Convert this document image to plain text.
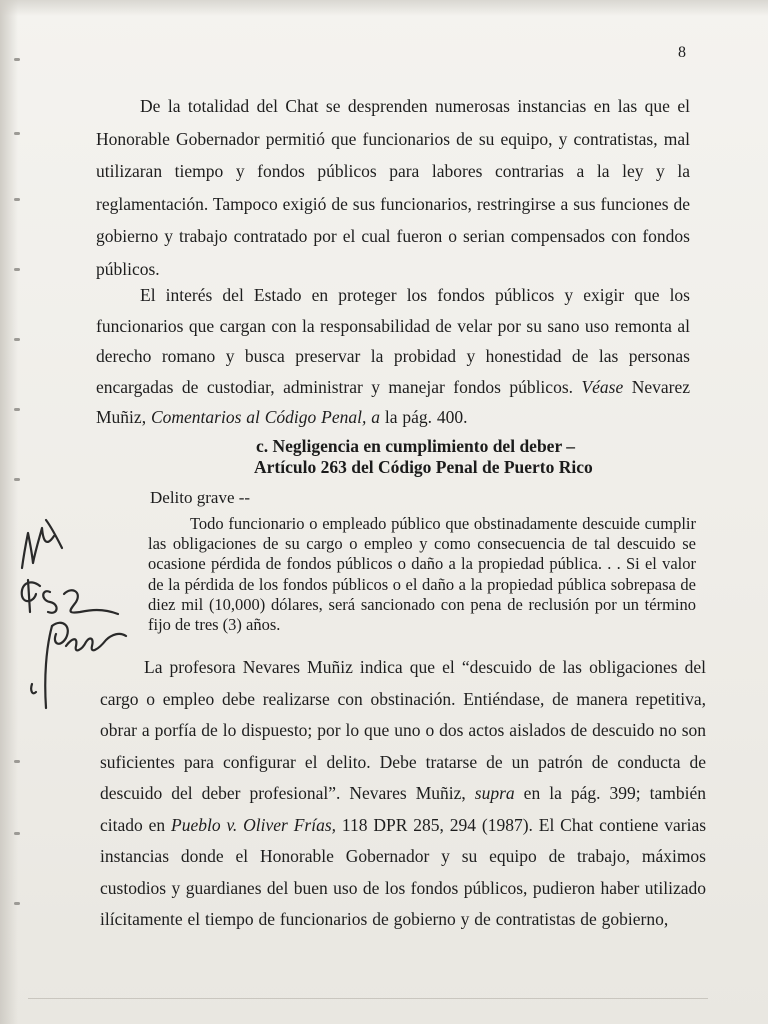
8

De la totalidad del Chat se desprenden numerosas instancias en las que el Honorable Gobernador permitió que funcionarios de su equipo, y contratistas, mal utilizaran tiempo y fondos públicos para labores contrarias a la ley y la reglamentación. Tampoco exigió de sus funcionarios, restringirse a sus funciones de gobierno y trabajo contratado por el cual fueron o serian compensados con fondos públicos.

El interés del Estado en proteger los fondos públicos y exigir que los funcionarios que cargan con la responsabilidad de velar por su sano uso remonta al derecho romano y busca preservar la probidad y honestidad de las personas encargadas de custodiar, administrar y manejar fondos públicos. Véase Nevarez Muñiz, Comentarios al Código Penal, a la pág. 400.

c. Negligencia en cumplimiento del deber –
Artículo 263 del Código Penal de Puerto Rico
Delito grave --

Todo funcionario o empleado público que obstinadamente descuide cumplir las obligaciones de su cargo o empleo y como consecuencia de tal descuido se ocasione pérdida de fondos públicos o daño a la propiedad pública. . . Si el valor de la pérdida de los fondos públicos o el daño a la propiedad pública sobrepasa de diez mil (10,000) dólares, será sancionado con pena de reclusión por un término fijo de tres (3) años.

La profesora Nevares Muñiz indica que el “descuido de las obligaciones del cargo o empleo debe realizarse con obstinación. Entiéndase, de manera repetitiva, obrar a porfía de lo dispuesto; por lo que uno o dos actos aislados de descuido no son suficientes para configurar el delito. Debe tratarse de un patrón de conducta de descuido del deber profesional”. Nevares Muñiz, supra en la pág. 399; también citado en Pueblo v. Oliver Frías, 118 DPR 285, 294 (1987). El Chat contiene varias instancias donde el Honorable Gobernador y su equipo de trabajo, máximos custodios y guardianes del buen uso de los fondos públicos, pudieron haber utilizado ilícitamente el tiempo de funcionarios de gobierno y de contratistas de gobierno,
